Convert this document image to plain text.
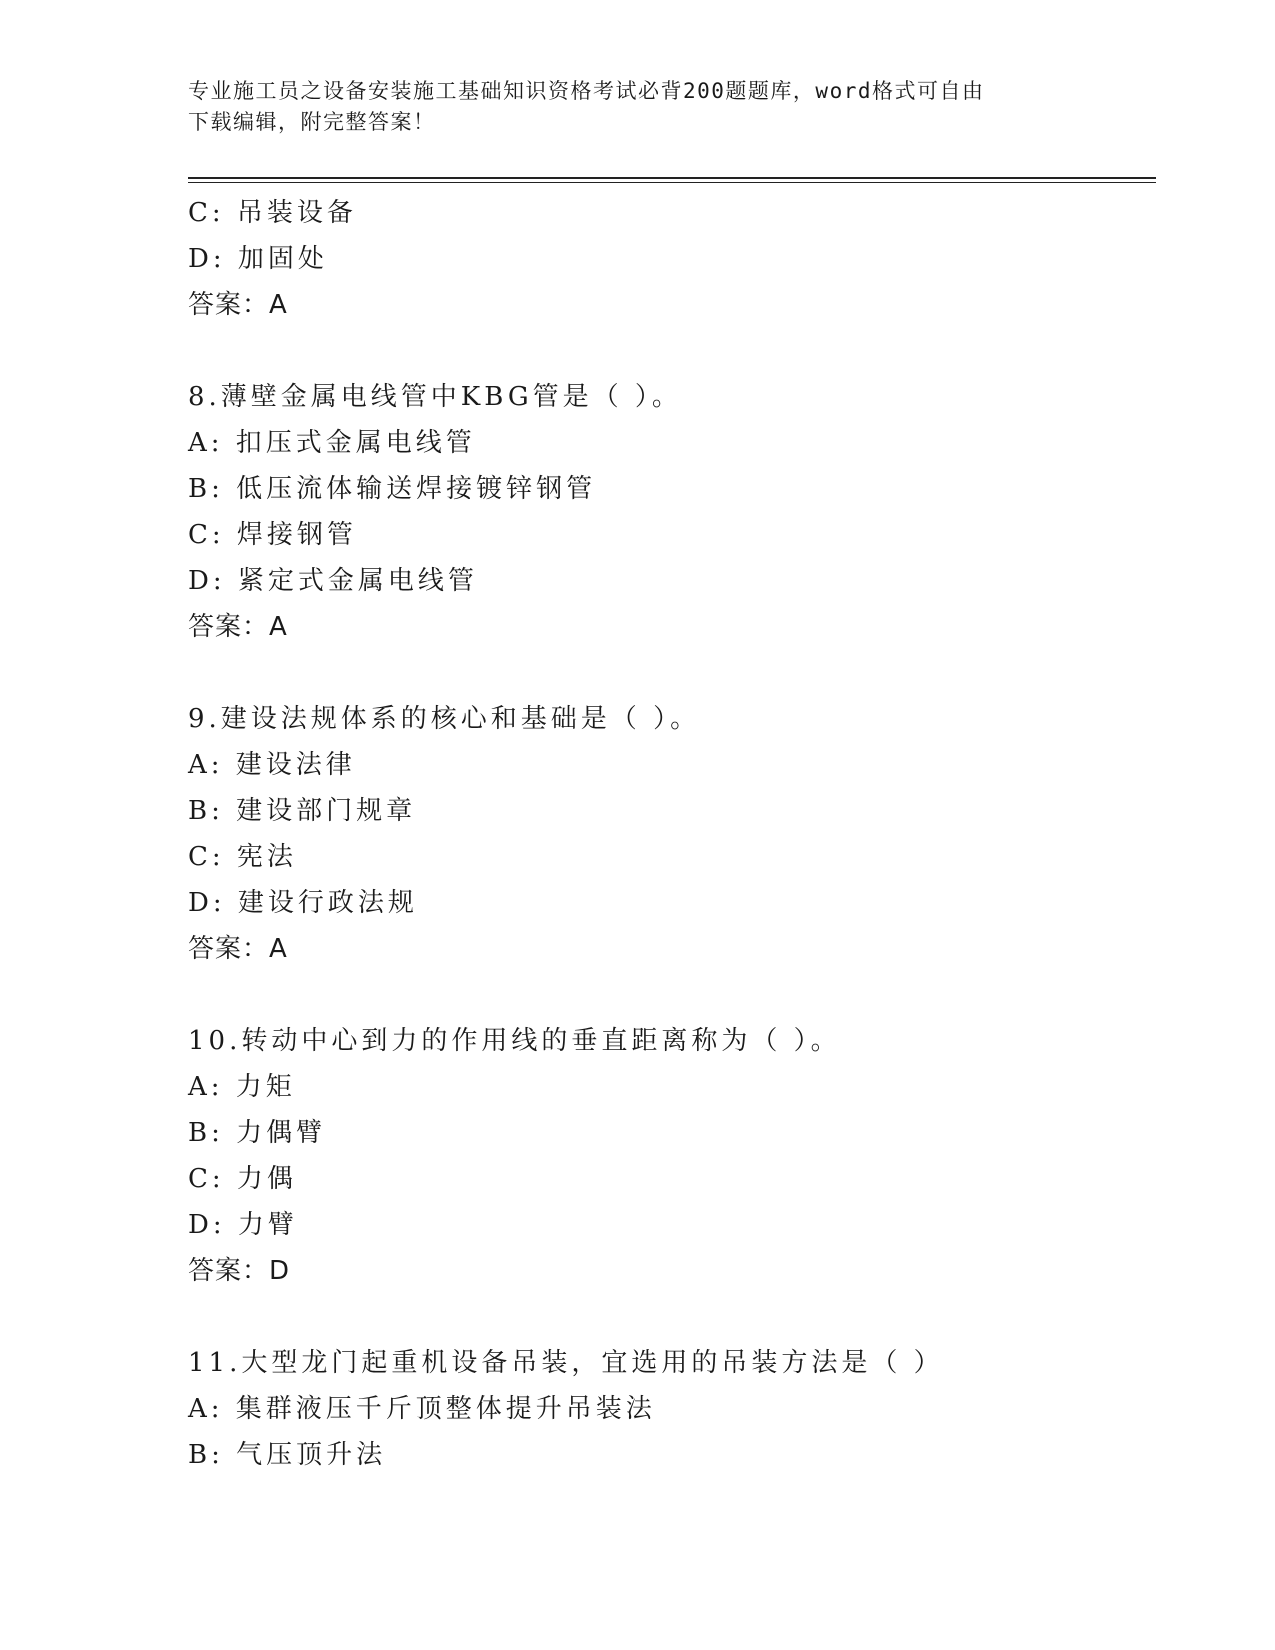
专业施工员之设备安装施工基础知识资格考试必背200题题库，word格式可自由
下载编辑，附完整答案！
C: 吊装设备
D: 加固处
答案：A
8.薄壁金属电线管中KBG管是（ ）。
A: 扣压式金属电线管
B: 低压流体输送焊接镀锌钢管
C: 焊接钢管
D: 紧定式金属电线管
答案：A
9.建设法规体系的核心和基础是（ ）。
A: 建设法律
B: 建设部门规章
C: 宪法
D: 建设行政法规
答案：A
10.转动中心到力的作用线的垂直距离称为（ ）。
A: 力矩
B: 力偶臂
C: 力偶
D: 力臂
答案：D
11.大型龙门起重机设备吊装，宜选用的吊装方法是（ ）
A: 集群液压千斤顶整体提升吊装法
B: 气压顶升法
